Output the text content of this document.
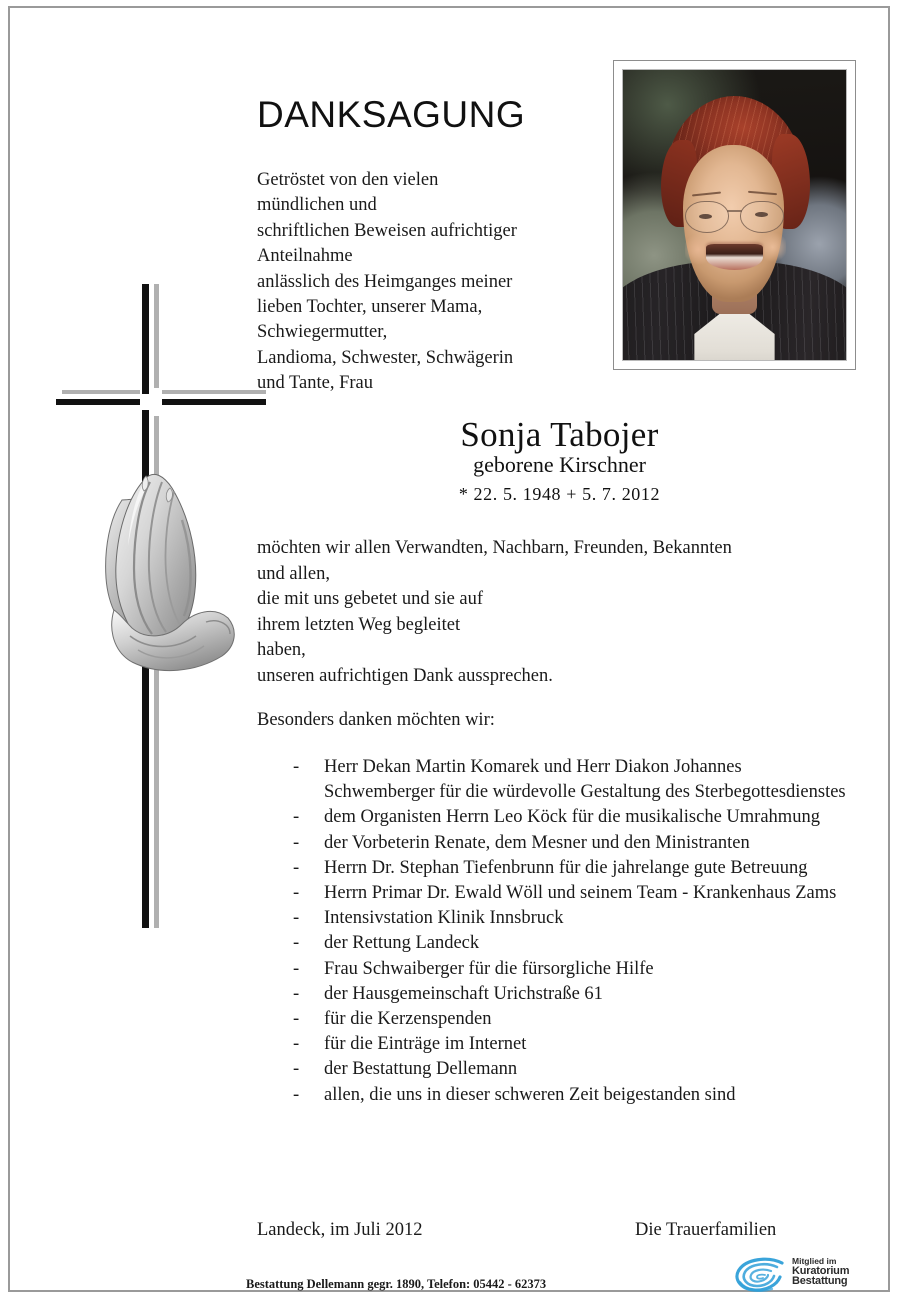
DANKSAGUNG
Getröstet von den vielen
mündlichen und
schriftlichen Beweisen aufrichtiger
Anteilnahme
anlässlich des Heimganges meiner
lieben Tochter, unserer Mama,
Schwiegermutter,
Landioma, Schwester, Schwägerin
und Tante, Frau
Sonja Tabojer
geborene Kirschner
* 22. 5. 1948 + 5. 7. 2012
möchten wir allen Verwandten, Nachbarn, Freunden, Bekannten
und allen,
die mit uns gebetet und sie auf
ihrem letzten Weg begleitet
haben,
unseren aufrichtigen Dank aussprechen.
Besonders danken möchten wir:
- Herr Dekan Martin Komarek und Herr Diakon Johannes Schwemberger für die würdevolle Gestaltung des Sterbegottesdienstes
- dem Organisten Herrn Leo Köck für die musikalische Umrahmung
- der Vorbeterin Renate, dem Mesner und den Ministranten
- Herrn Dr. Stephan Tiefenbrunn für die jahrelange gute Betreuung
- Herrn Primar Dr. Ewald Wöll und seinem Team - Krankenhaus Zams
- Intensivstation Klinik Innsbruck
- der Rettung Landeck
- Frau Schwaiberger für die fürsorgliche Hilfe
- der Hausgemeinschaft Urichstraße 61
- für die Kerzenspenden
- für die Einträge im Internet
- der Bestattung Dellemann
- allen, die uns in dieser schweren Zeit beigestanden sind
Landeck, im Juli 2012	Die Trauerfamilien
Bestattung Dellemann gegr. 1890, Telefon: 05442 - 62373
Mitglied im
Kuratorium Bestattung
